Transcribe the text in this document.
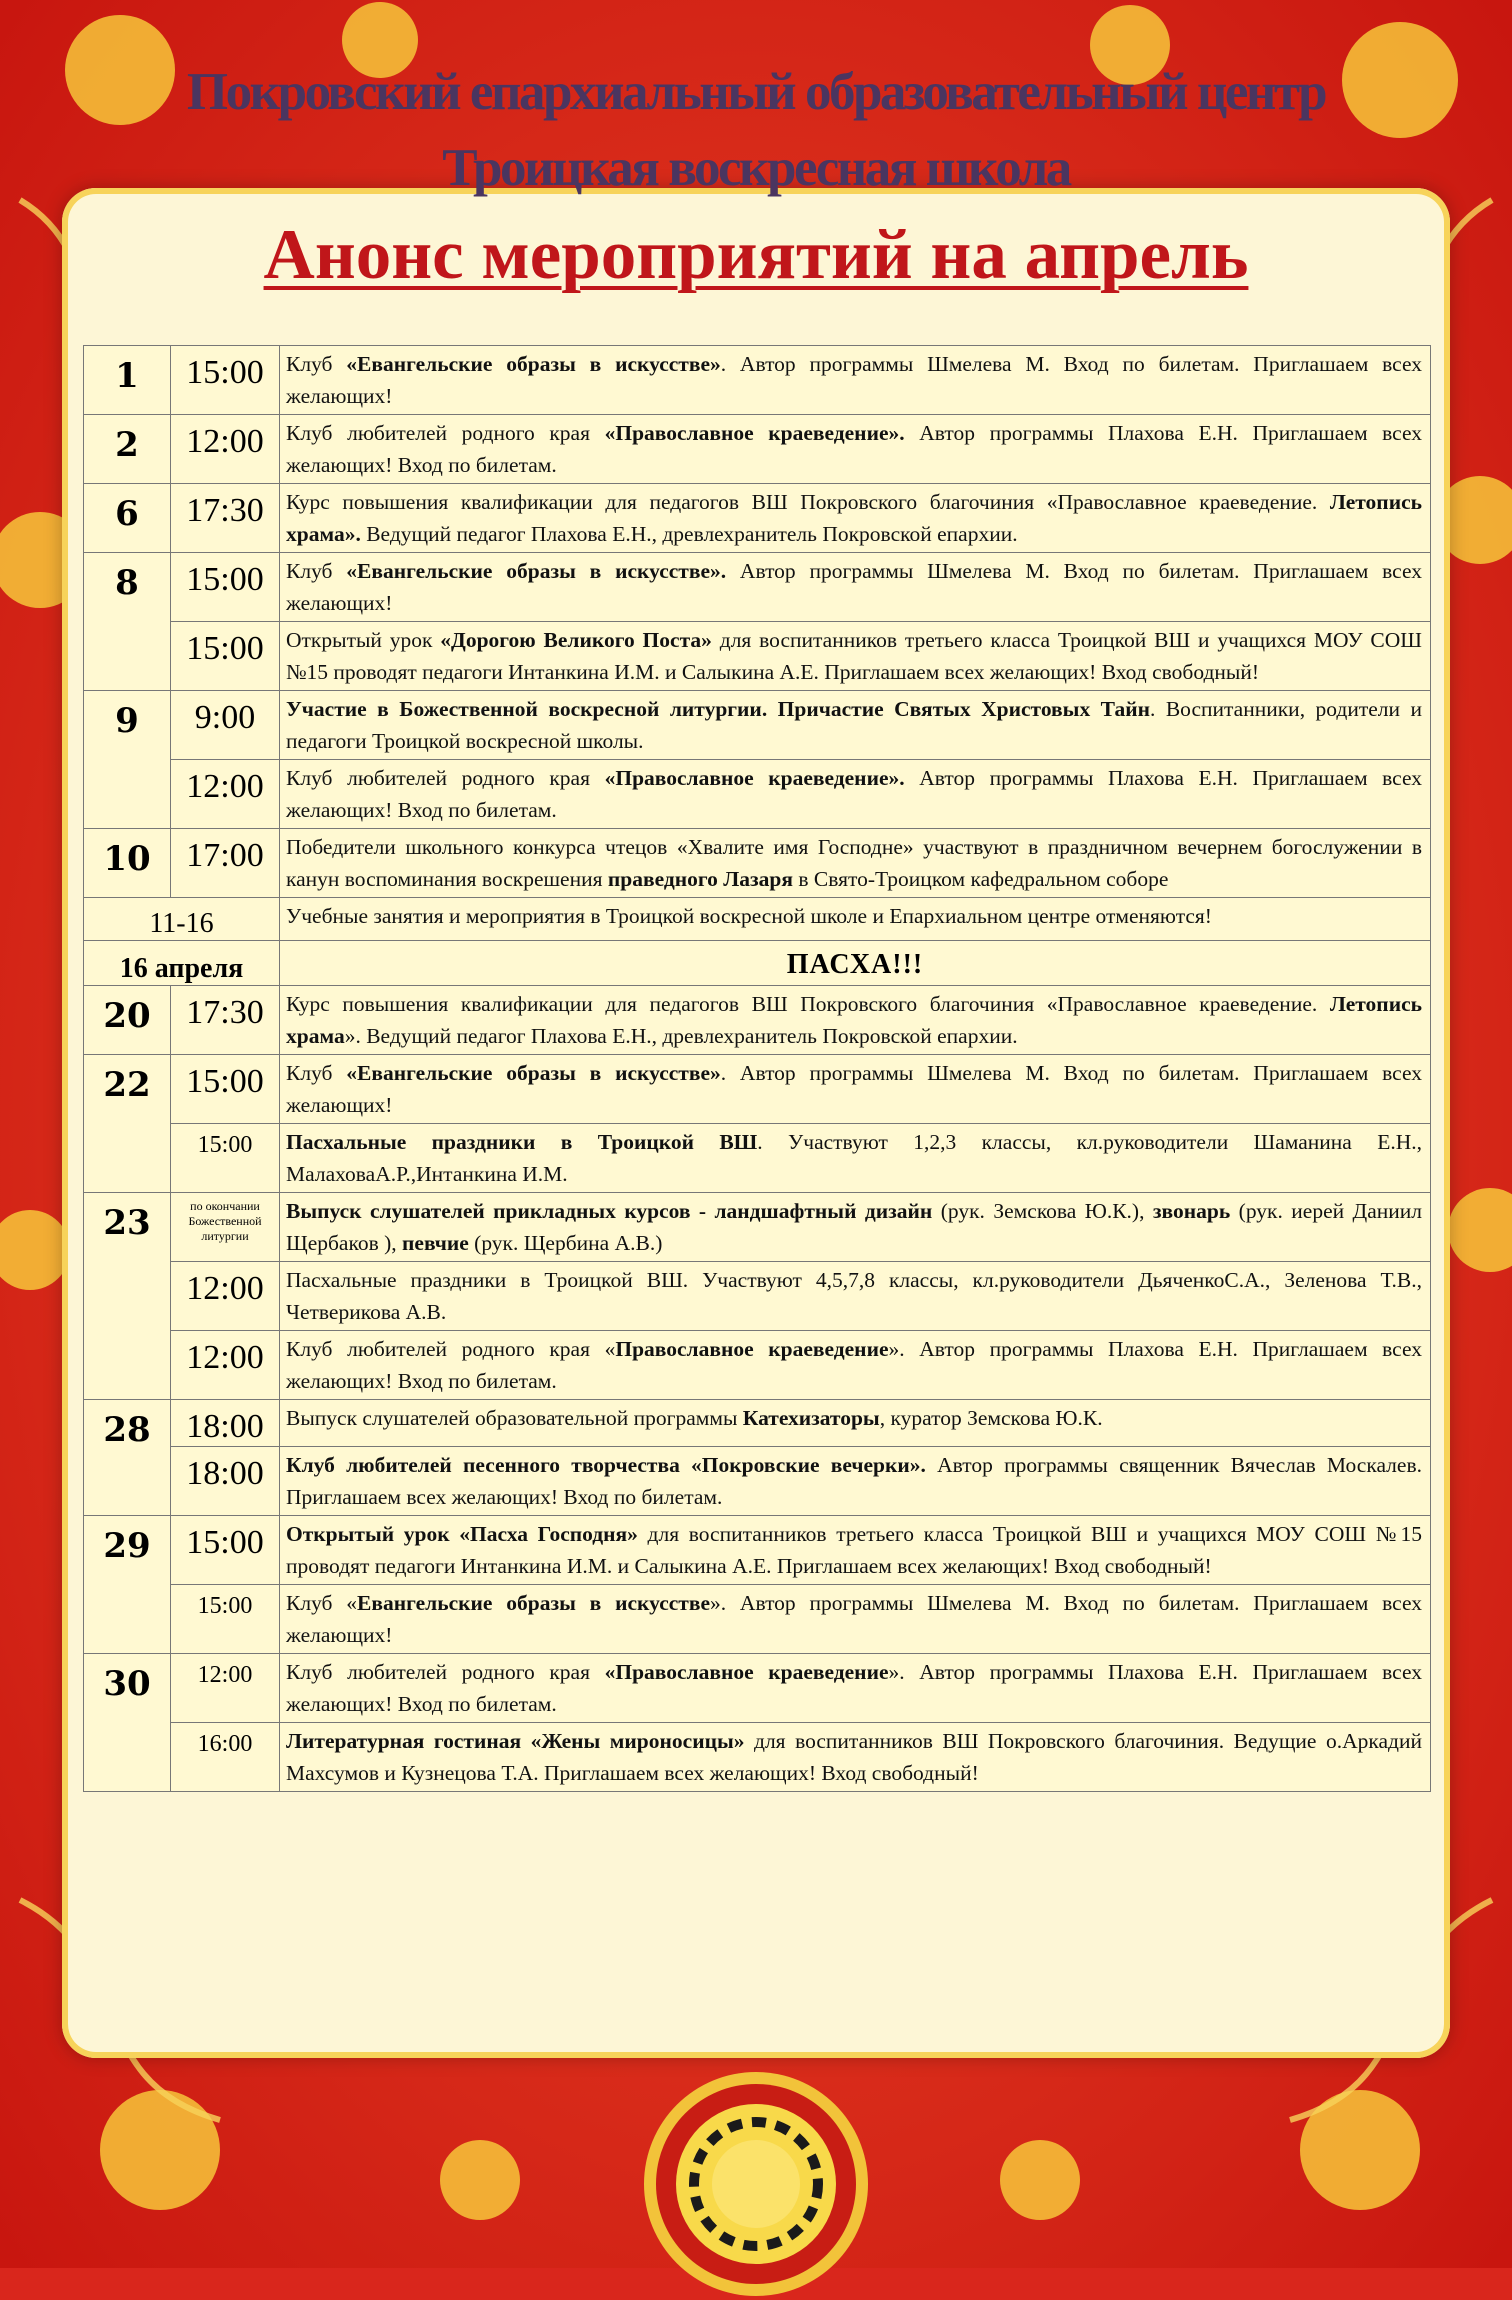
Покровский епархиальный образовательный центр
Троицкая воскресная школа
Анонс мероприятий на апрель
1	15:00	Клуб «Евангельские образы в искусстве». Автор программы Шмелева М. Вход по билетам. Приглашаем всех желающих!
2	12:00	Клуб любителей родного края «Православное краеведение». Автор программы Плахова Е.Н. Приглашаем всех желающих! Вход по билетам.
6	17:30	Курс повышения квалификации для педагогов ВШ Покровского благочиния «Православное краеведение. Летопись храма». Ведущий педагог Плахова Е.Н., древлехранитель Покровской епархии.
8	15:00	Клуб «Евангельские образы в искусстве». Автор программы Шмелева М. Вход по билетам. Приглашаем всех желающих!
	15:00	Открытый урок «Дорогою Великого Поста» для воспитанников третьего класса Троицкой ВШ и учащихся МОУ СОШ №15 проводят педагоги Интанкина И.М. и Салыкина А.Е. Приглашаем всех желающих! Вход свободный!
9	9:00	Участие в Божественной воскресной литургии. Причастие Святых Христовых Тайн. Воспитанники, родители и педагоги Троицкой воскресной школы.
	12:00	Клуб любителей родного края «Православное краеведение». Автор программы Плахова Е.Н. Приглашаем всех желающих! Вход по билетам.
10	17:00	Победители школьного конкурса чтецов «Хвалите имя Господне» участвуют в праздничном вечернем богослужении в канун воспоминания воскрешения праведного Лазаря в Свято-Троицком кафедральном соборе
11-16		Учебные занятия и мероприятия в Троицкой воскресной школе и Епархиальном центре отменяются!
16 апреля		ПАСХА!!!
20	17:30	Курс повышения квалификации для педагогов ВШ Покровского благочиния «Православное краеведение. Летопись храма». Ведущий педагог Плахова Е.Н., древлехранитель Покровской епархии.
22	15:00	Клуб «Евангельские образы в искусстве». Автор программы Шмелева М. Вход по билетам. Приглашаем всех желающих!
	15:00	Пасхальные праздники в Троицкой ВШ. Участвуют 1,2,3 классы, кл.руководители Шаманина Е.Н., МалаховаА.Р.,Интанкина И.М.
23	по окончании Божественной литургии	Выпуск слушателей прикладных курсов - ландшафтный дизайн (рук. Земскова Ю.К.), звонарь (рук. иерей Даниил Щербаков ), певчие (рук. Щербина А.В.)
	12:00	Пасхальные праздники в Троицкой ВШ. Участвуют 4,5,7,8 классы, кл.руководители ДьяченкоС.А., Зеленова Т.В., Четверикова А.В.
	12:00	Клуб любителей родного края «Православное краеведение». Автор программы Плахова Е.Н. Приглашаем всех желающих! Вход по билетам.
28	18:00	Выпуск слушателей образовательной программы Катехизаторы, куратор Земскова Ю.К.
	18:00	Клуб любителей песенного творчества «Покровские вечерки». Автор программы священник Вячеслав Москалев. Приглашаем всех желающих! Вход по билетам.
29	15:00	Открытый урок «Пасха Господня» для воспитанников третьего класса Троицкой ВШ и учащихся МОУ СОШ №15 проводят педагоги Интанкина И.М. и Салыкина А.Е. Приглашаем всех желающих! Вход свободный!
	15:00	Клуб «Евангельские образы в искусстве». Автор программы Шмелева М. Вход по билетам. Приглашаем всех желающих!
30	12:00	Клуб любителей родного края «Православное краеведение». Автор программы Плахова Е.Н. Приглашаем всех желающих! Вход по билетам.
	16:00	Литературная гостиная «Жены мироносицы» для воспитанников ВШ Покровского благочиния. Ведущие о.Аркадий Махсумов и Кузнецова Т.А. Приглашаем всех желающих! Вход свободный!
